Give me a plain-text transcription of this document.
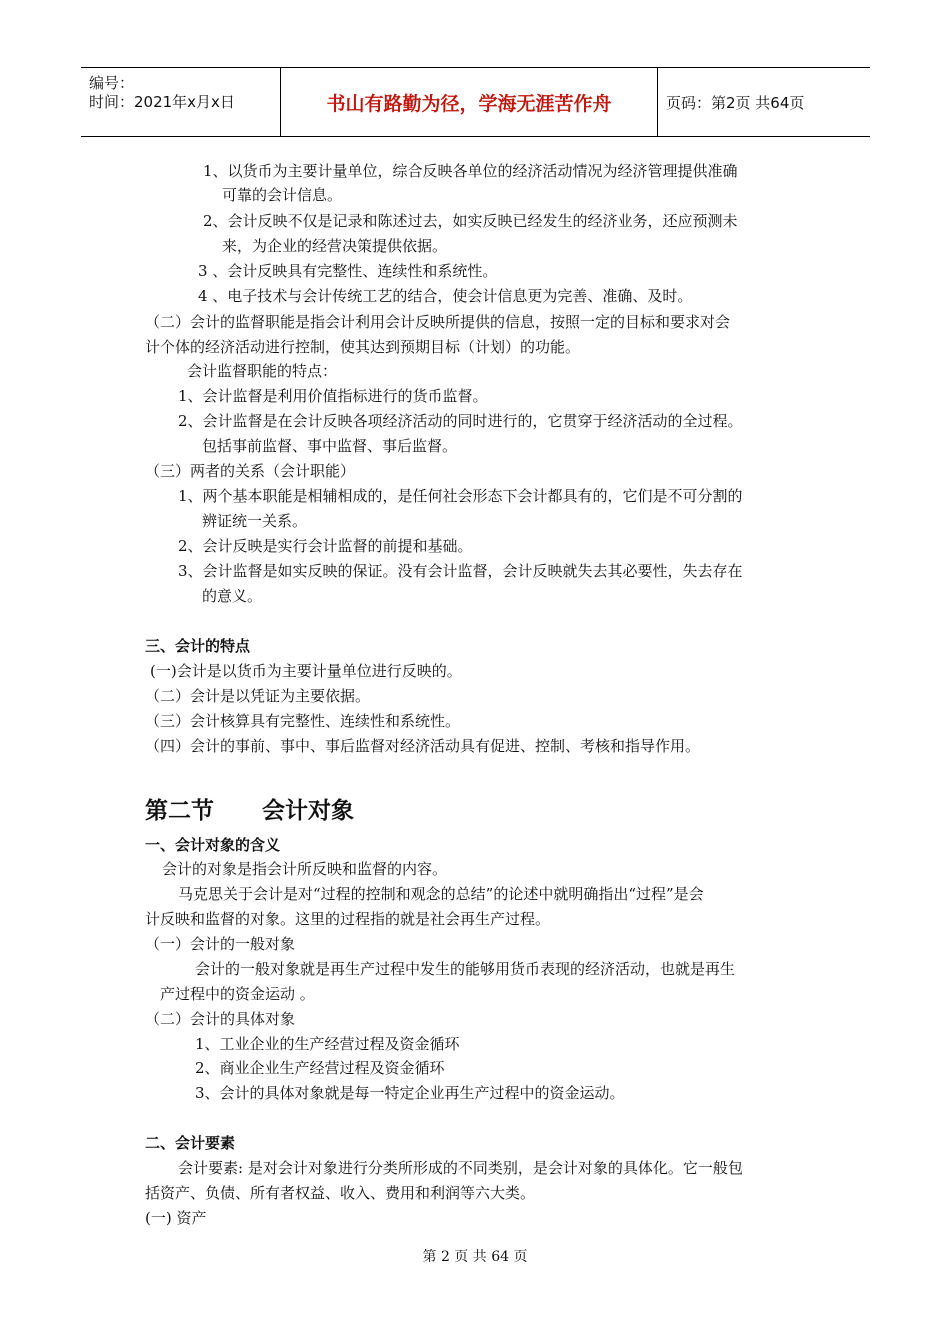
编号：
时间：2021年x月x日	书山有路勤为径，学海无涯苦作舟	页码：第2页 共64页
1、以货币为主要计量单位，综合反映各单位的经济活动情况为经济管理提供准确
可靠的会计信息。
2、会计反映不仅是记录和陈述过去，如实反映已经发生的经济业务，还应预测未
来，为企业的经营决策提供依据。
3 、会计反映具有完整性、连续性和系统性。
4 、电子技术与会计传统工艺的结合，使会计信息更为完善、准确、及时。
（二）会计的监督职能是指会计利用会计反映所提供的信息，按照一定的目标和要求对会
计个体的经济活动进行控制，使其达到预期目标（计划）的功能。
会计监督职能的特点：
1、会计监督是利用价值指标进行的货币监督。
2、会计监督是在会计反映各项经济活动的同时进行的，它贯穿于经济活动的全过程。
包括事前监督、事中监督、事后监督。
（三）两者的关系（会计职能）
1、两个基本职能是相辅相成的，是任何社会形态下会计都具有的，它们是不可分割的
辨证统一关系。
2、会计反映是实行会计监督的前提和基础。
3、会计监督是如实反映的保证。没有会计监督，会计反映就失去其必要性，失去存在
的意义。
三、会计的特点
(一)会计是以货币为主要计量单位进行反映的。
（二）会计是以凭证为主要依据。
（三）会计核算具有完整性、连续性和系统性。
（四）会计的事前、事中、事后监督对经济活动具有促进、控制、考核和指导作用。
第二节 会计对象
一、会计对象的含义
会计的对象是指会计所反映和监督的内容。
马克思关于会计是对“过程的控制和观念的总结”的论述中就明确指出“过程”是会
计反映和监督的对象。这里的过程指的就是社会再生产过程。
（一）会计的一般对象
会计的一般对象就是再生产过程中发生的能够用货币表现的经济活动，也就是再生
产过程中的资金运动 。
（二）会计的具体对象
1、工业企业的生产经营过程及资金循环
2、商业企业生产经营过程及资金循环
3、会计的具体对象就是每一特定企业再生产过程中的资金运动。
二、会计要素
会计要素: 是对会计对象进行分类所形成的不同类别，是会计对象的具体化。它一般包
括资产、负债、所有者权益、收入、费用和利润等六大类。
(一) 资产
第 2 页 共 64 页
